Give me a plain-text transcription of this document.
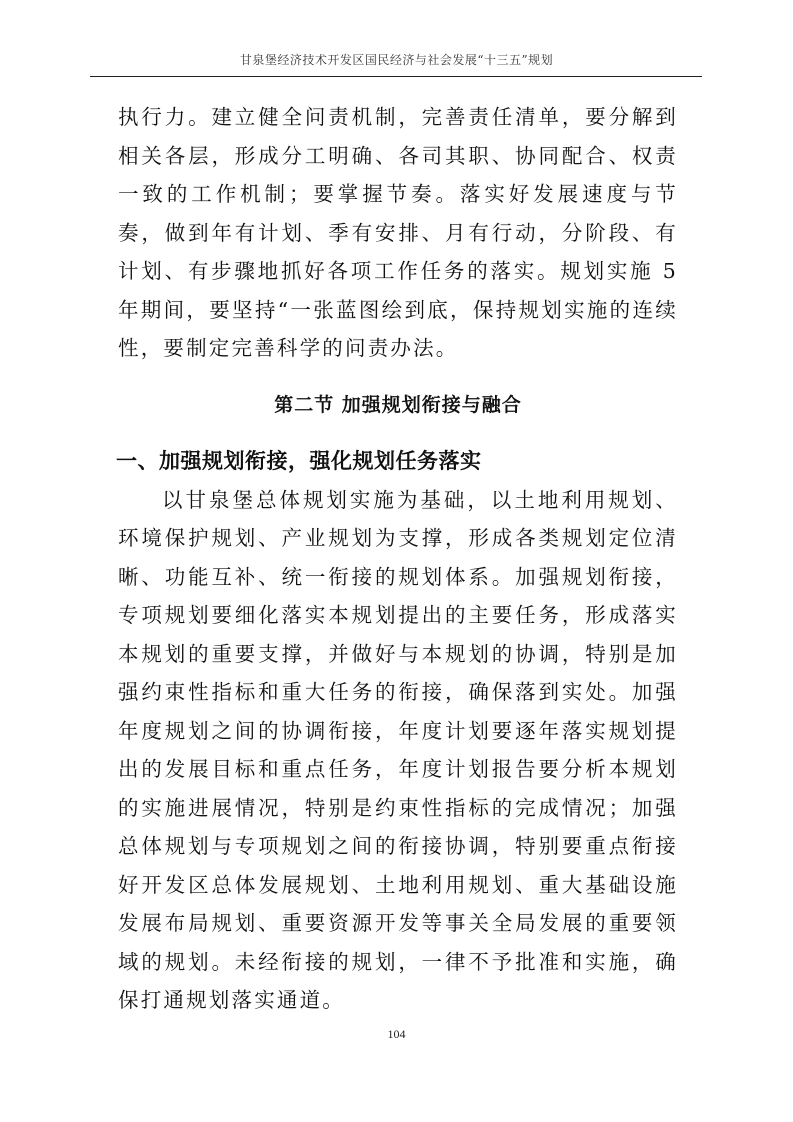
甘泉堡经济技术开发区国民经济与社会发展“十三五”规划

执行力。建立健全问责机制，完善责任清单，要分解到相关各层，形成分工明确、各司其职、协同配合、权责一致的工作机制；要掌握节奏。落实好发展速度与节奏，做到年有计划、季有安排、月有行动，分阶段、有计划、有步骤地抓好各项工作任务的落实。规划实施 5 年期间，要坚持“一张蓝图绘到底，保持规划实施的连续性，要制定完善科学的问责办法。

第二节 加强规划衔接与融合
一、加强规划衔接，强化规划任务落实

以甘泉堡总体规划实施为基础，以土地利用规划、环境保护规划、产业规划为支撑，形成各类规划定位清晰、功能互补、统一衔接的规划体系。加强规划衔接，专项规划要细化落实本规划提出的主要任务，形成落实本规划的重要支撑，并做好与本规划的协调，特别是加强约束性指标和重大任务的衔接，确保落到实处。加强年度规划之间的协调衔接，年度计划要逐年落实规划提出的发展目标和重点任务，年度计划报告要分析本规划的实施进展情况，特别是约束性指标的完成情况；加强总体规划与专项规划之间的衔接协调，特别要重点衔接好开发区总体发展规划、土地利用规划、重大基础设施发展布局规划、重要资源开发等事关全局发展的重要领域的规划。未经衔接的规划，一律不予批准和实施，确保打通规划落实通道。

104
